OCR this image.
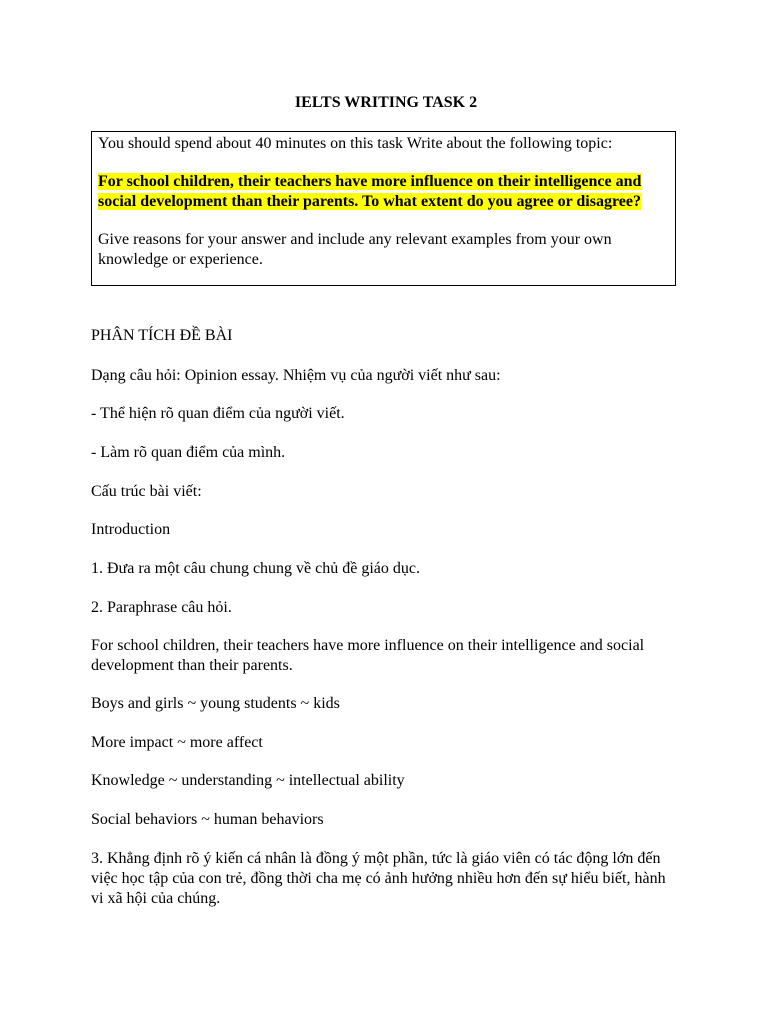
IELTS WRITING TASK 2

You should spend about 40 minutes on this task Write about the following topic:

For school children, their teachers have more influence on their intelligence and

social development than their parents. To what extent do you agree or disagree?

Give reasons for your answer and include any relevant examples from your own knowledge or experience.

PHÂN TÍCH ĐỀ BÀI

Dạng câu hỏi: Opinion essay. Nhiệm vụ của người viết như sau:

- Thể hiện rõ quan điểm của người viết.

- Làm rõ quan điểm của mình.

Cấu trúc bài viết:

Introduction

1. Đưa ra một câu chung chung về chủ đề giáo dục.

2. Paraphrase câu hỏi.

For school children, their teachers have more influence on their intelligence and social development than their parents.

Boys and girls ~ young students ~ kids

More impact ~ more affect

Knowledge ~ understanding ~ intellectual ability

Social behaviors ~ human behaviors

3. Khẳng định rõ ý kiến cá nhân là đồng ý một phần, tức là giáo viên có tác động lớn đến việc học tập của con trẻ, đồng thời cha mẹ có ảnh hưởng nhiều hơn đến sự hiểu biết, hành vi xã hội của chúng.
